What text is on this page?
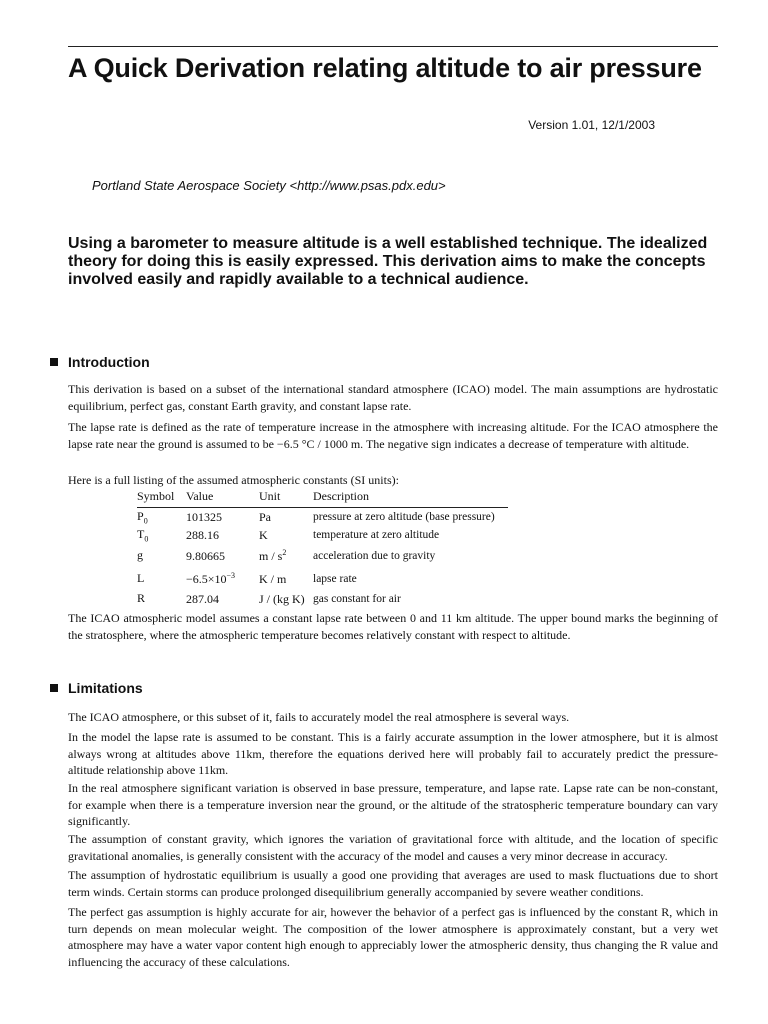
A Quick Derivation relating altitude to air pressure
Version 1.01, 12/1/2003
Portland State Aerospace Society <http://www.psas.pdx.edu>

Using a barometer to measure altitude is a well established technique. The idealized theory for doing this is easily expressed. This derivation aims to make the concepts involved easily and rapidly available to a technical audience.

Introduction

This derivation is based on a subset of the international standard atmosphere (ICAO) model. The main assumptions are hydrostatic equilibrium, perfect gas, constant Earth gravity, and constant lapse rate.

The lapse rate is defined as the rate of temperature increase in the atmosphere with increasing altitude. For the ICAO atmosphere the lapse rate near the ground is assumed to be −6.5 °C / 1000 m. The negative sign indicates a decrease of temperature with altitude.

Here is a full listing of the assumed atmospheric constants (SI units):

Symbol	Value	Unit	Description
$P_0$	101325	Pa	pressure at zero altitude (base pressure)
$T_0$	288.16	K	temperature at zero altitude
g	9.80665	m / $s^2$	acceleration due to gravity
L	$-6.5\times 10^{-3}$	K / m	lapse rate
R	287.04	J / (kg K)	gas constant for air

The ICAO atmospheric model assumes a constant lapse rate between 0 and 11 km altitude. The upper bound marks the beginning of the stratosphere, where the atmospheric temperature becomes relatively constant with respect to altitude.

Limitations

The ICAO atmosphere, or this subset of it, fails to accurately model the real atmosphere is several ways.

In the model the lapse rate is assumed to be constant. This is a fairly accurate assumption in the lower atmosphere, but it is almost always wrong at altitudes above 11km, therefore the equations derived here will probably fail to accurately predict the pressure-altitude relationship above 11km.

In the real atmosphere significant variation is observed in base pressure, temperature, and lapse rate. Lapse rate can be non-constant, for example when there is a temperature inversion near the ground, or the altitude of the stratospheric temperature boundary can vary significantly.

The assumption of constant gravity, which ignores the variation of gravitational force with altitude, and the location of specific gravitational anomalies, is generally consistent with the accuracy of the model and causes a very minor decrease in accuracy.

The assumption of hydrostatic equilibrium is usually a good one providing that averages are used to mask fluctuations due to short term winds. Certain storms can produce prolonged disequilibrium generally accompanied by severe weather conditions.

The perfect gas assumption is highly accurate for air, however the behavior of a perfect gas is influenced by the constant R, which in turn depends on mean molecular weight. The composition of the lower atmosphere is approximately constant, but a very wet atmosphere may have a water vapor content high enough to appreciably lower the atmospheric density, thus changing the R value and influencing the accuracy of these calculations.
